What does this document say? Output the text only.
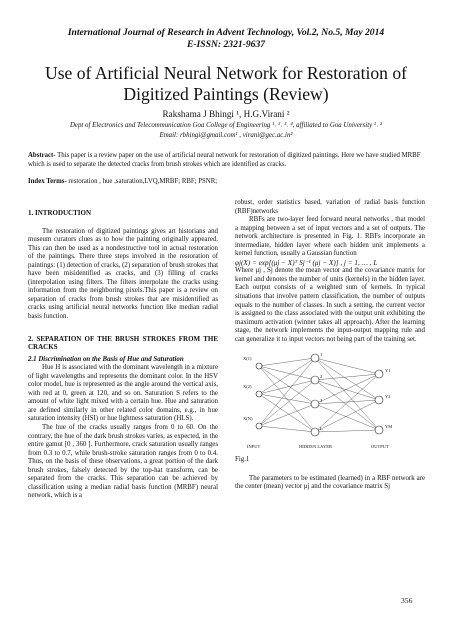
International Journal of Research in Advent Technology, Vol.2, No.5, May 2014
E-ISSN: 2321-9637
Use of Artificial Neural Network for Restoration of Digitized Paintings (Review)
Rakshama J Bhingi ¹, H.G.Virani ²
Dept of Electronics and Telecommunication Goa College of Engineering ¹˒ ²˒ ³˒ ⁴, affiliated to Goa University ¹˒ ²
Email: rbhingi@gmail.com¹ , virani@gec.ac.in²
Abstract- This paper is a review paper on the use of artificial neural network for restoration of digitized paintings. Here we have studied MRBF which is used to separate the detected cracks from brush strokes which are identified as cracks.
Index Terms- restoration , hue ,saturation,LVQ,MRBF; RBF; PSNR;

1. INTRODUCTION

The restoration of digitized paintings gives art historians and museum curators clues as to how the painting originally appeared. This can then be used as a nondestructive tool in actual restoration of the paintings. There three steps involved in the restoration of paintings: (1) detection of cracks, (2) separation of brush strokes that have been misidentified as cracks, and (3) filling of cracks (interpolation using filters. The filters interpolate the cracks using information from the neighboring pixels.This paper is a review on separation of cracks from brush strokes that are misidentified as cracks using artificial neural networks function like median radial basis function.

2. SEPARATION OF THE BRUSH STROKES FROM THE CRACKS

2.1 Discrimination on the Basis of Hue and Saturation

Hue H is associated with the dominant wavelength in a mixture of light wavelengths and represents the dominant color. In the HSV color model, hue is represented as the angle around the vertical axis, with red at 0, green at 120, and so on. Saturation S refers to the amount of white light mixed with a certain hue. Hue and saturation are defined similarly in other related color domains, e.g., in hue saturation intensity (HSI) or hue lightness saturation (HLS).

The hue of the cracks usually ranges from 0 to 60. On the contrary, the hue of the dark brush strokes varies, as expected, in the entire gamut [0 , 360 ]. Furthermore, crack saturation usually ranges from 0.3 to 0.7, while brush-stroke saturation ranges from 0 to 0.4. Thus, on the basis of these observations, a great portion of the dark brush strokes, falsely detected by the top-hat transform, can be separated from the cracks. This separation can be achieved by classification using a median radial basis function (MRBF) neural network, which is a

robust, order statistics based, variation of radial basis function (RBF)networks

RBFs are two-layer feed forward neural networks , that model a mapping between a set of input vectors and a set of outputs. The network architecture is presented in Fig. 1. RBFs incorporate an intermediate, hidden layer where each hidden unit implements a kernel function, usually a Gaussian function

φj(X) = exp[(μj − X)ᵀ Sj⁻¹ (μj − X)] , j = 1, … , L

Where μj , Sj denote the mean vector and the covariance matrix for kernel and denotes the number of units (kernels) in the hidden layer. Each output consists of a weighted sum of kernels. In typical situations that involve pattern classification, the number of outputs equals to the number of classes. In such a setting, the current vector is assigned to the class associated with the output unit exhibiting the maximum activation (winner takes all approach). After the learning stage, the network implements the input-output mapping rule and can generalize it to input vectors not being part of the training set.

X(1)
X(2)
X(N)
1
2
3
L
Y1
Y2
YM
INPUT	HIDDEN LAYER	OUTPUT

Fig.1

The parameters to be estimated (learned) in a RBF network are the center (mean) vector μj and the covariance matrix Sj

356
